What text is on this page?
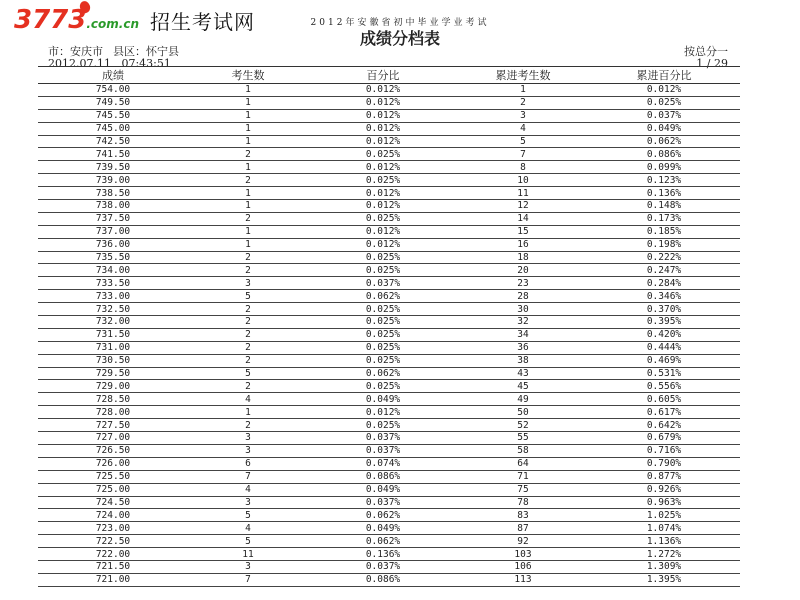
2012年安徽省初中毕业学业考试
成绩分档表
市：安庆市 县区：怀宁县
2012.07.11   07:43:51
按总分一
1 / 29
成绩	考生数	百分比	累进考生数	累进百分比
754.00	1	0.012%	1	0.012%
749.50	1	0.012%	2	0.025%
745.50	1	0.012%	3	0.037%
745.00	1	0.012%	4	0.049%
742.50	1	0.012%	5	0.062%
741.50	2	0.025%	7	0.086%
739.50	1	0.012%	8	0.099%
739.00	2	0.025%	10	0.123%
738.50	1	0.012%	11	0.136%
738.00	1	0.012%	12	0.148%
737.50	2	0.025%	14	0.173%
737.00	1	0.012%	15	0.185%
736.00	1	0.012%	16	0.198%
735.50	2	0.025%	18	0.222%
734.00	2	0.025%	20	0.247%
733.50	3	0.037%	23	0.284%
733.00	5	0.062%	28	0.346%
732.50	2	0.025%	30	0.370%
732.00	2	0.025%	32	0.395%
731.50	2	0.025%	34	0.420%
731.00	2	0.025%	36	0.444%
730.50	2	0.025%	38	0.469%
729.50	5	0.062%	43	0.531%
729.00	2	0.025%	45	0.556%
728.50	4	0.049%	49	0.605%
728.00	1	0.012%	50	0.617%
727.50	2	0.025%	52	0.642%
727.00	3	0.037%	55	0.679%
726.50	3	0.037%	58	0.716%
726.00	6	0.074%	64	0.790%
725.50	7	0.086%	71	0.877%
725.00	4	0.049%	75	0.926%
724.50	3	0.037%	78	0.963%
724.00	5	0.062%	83	1.025%
723.00	4	0.049%	87	1.074%
722.50	5	0.062%	92	1.136%
722.00	11	0.136%	103	1.272%
721.50	3	0.037%	106	1.309%
721.00	7	0.086%	113	1.395%
3773.com.cn 招生考试网
